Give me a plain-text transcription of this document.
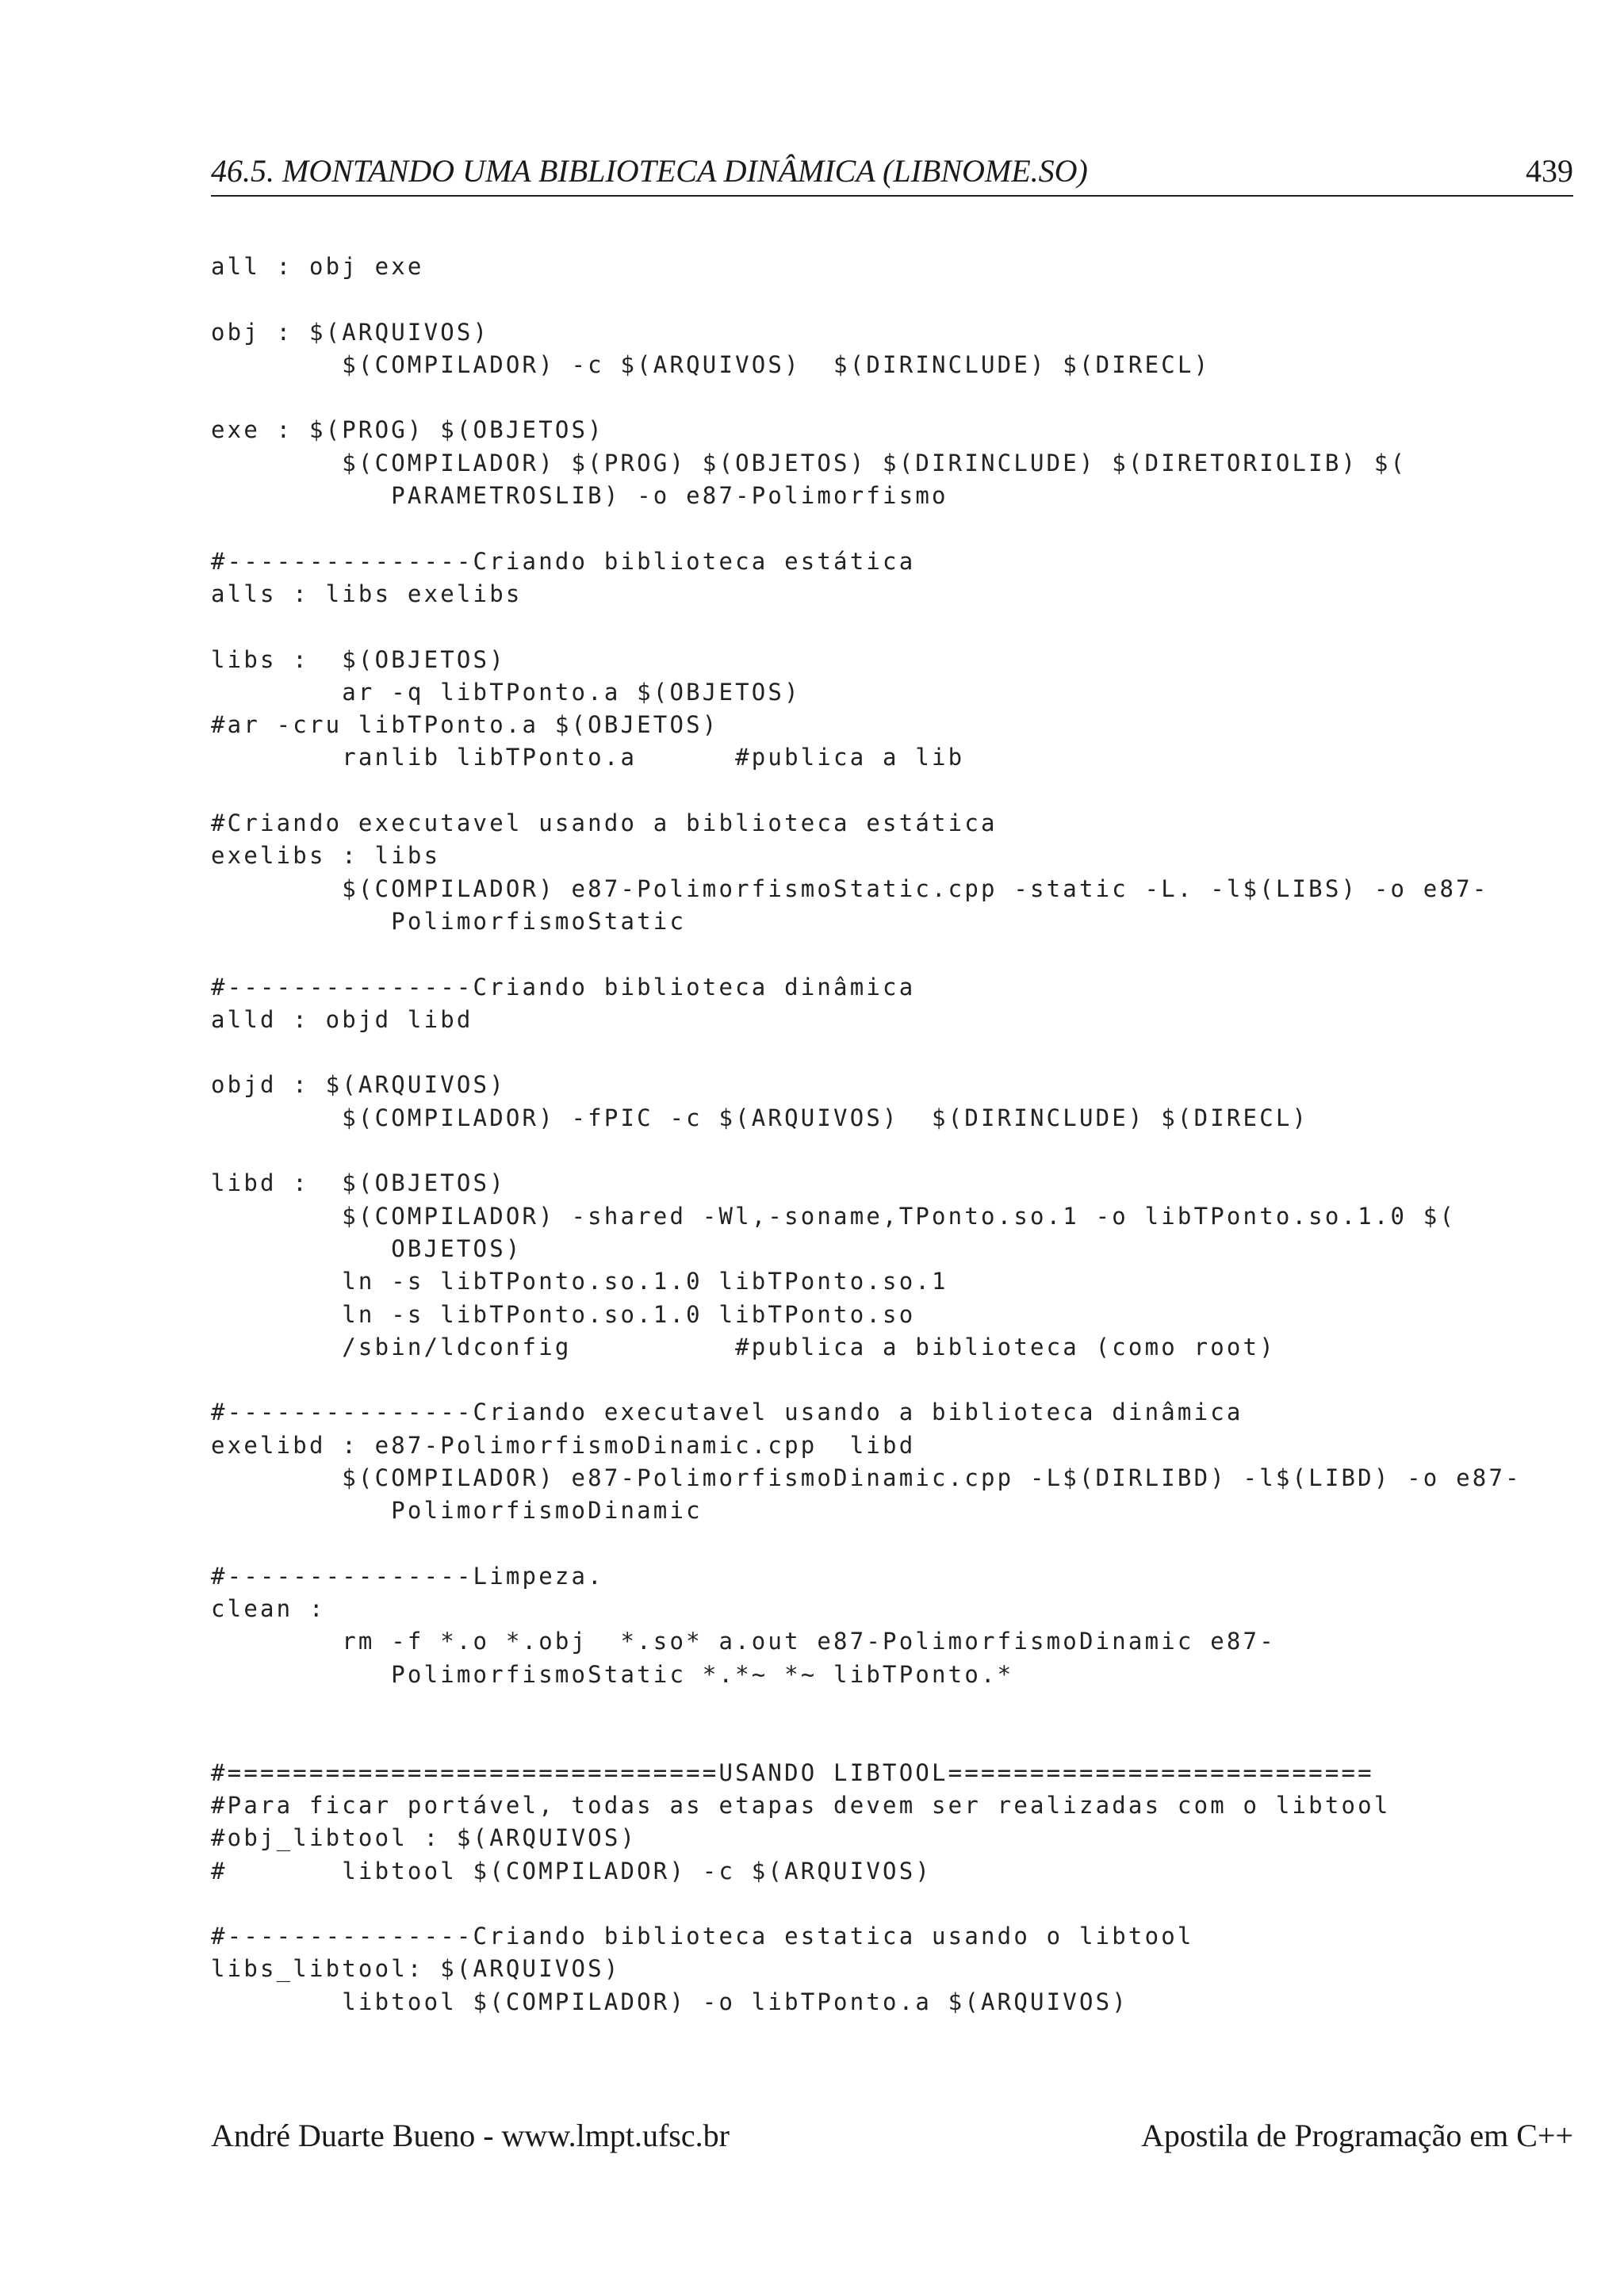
46.5. MONTANDO UMA BIBLIOTECA DINÂMICA (LIBNOME.SO)	439
all : obj exe
obj : $(ARQUIVOS)
$(COMPILADOR) -c $(ARQUIVOS)  $(DIRINCLUDE) $(DIRECL)
exe : $(PROG) $(OBJETOS)
$(COMPILADOR) $(PROG) $(OBJETOS) $(DIRINCLUDE) $(DIRETORIOLIB) $(
PARAMETROSLIB) -o e87-Polimorfismo
#---------------Criando biblioteca estática
alls : libs exelibs
libs :  $(OBJETOS)
ar -q libTPonto.a $(OBJETOS)
#ar -cru libTPonto.a $(OBJETOS)
ranlib libTPonto.a      #publica a lib
#Criando executavel usando a biblioteca estática
exelibs : libs
$(COMPILADOR) e87-PolimorfismoStatic.cpp -static -L. -l$(LIBS) -o e87-
PolimorfismoStatic
#---------------Criando biblioteca dinâmica
alld : objd libd
objd : $(ARQUIVOS)
$(COMPILADOR) -fPIC -c $(ARQUIVOS)  $(DIRINCLUDE) $(DIRECL)
libd :  $(OBJETOS)
$(COMPILADOR) -shared -Wl,-soname,TPonto.so.1 -o libTPonto.so.1.0 $(
OBJETOS)
ln -s libTPonto.so.1.0 libTPonto.so.1
ln -s libTPonto.so.1.0 libTPonto.so
/sbin/ldconfig          #publica a biblioteca (como root)
#---------------Criando executavel usando a biblioteca dinâmica
exelibd : e87-PolimorfismoDinamic.cpp  libd
$(COMPILADOR) e87-PolimorfismoDinamic.cpp -L$(DIRLIBD) -l$(LIBD) -o e87-
PolimorfismoDinamic
#---------------Limpeza.
clean :
rm -f *.o *.obj  *.so* a.out e87-PolimorfismoDinamic e87-
PolimorfismoStatic *.*~ *~ libTPonto.*
#==============================USANDO LIBTOOL==========================
#Para ficar portável, todas as etapas devem ser realizadas com o libtool
#obj_libtool : $(ARQUIVOS)
#       libtool $(COMPILADOR) -c $(ARQUIVOS)
#---------------Criando biblioteca estatica usando o libtool
libs_libtool: $(ARQUIVOS)
libtool $(COMPILADOR) -o libTPonto.a $(ARQUIVOS)
André Duarte Bueno - www.lmpt.ufsc.br	Apostila de Programação em C++
